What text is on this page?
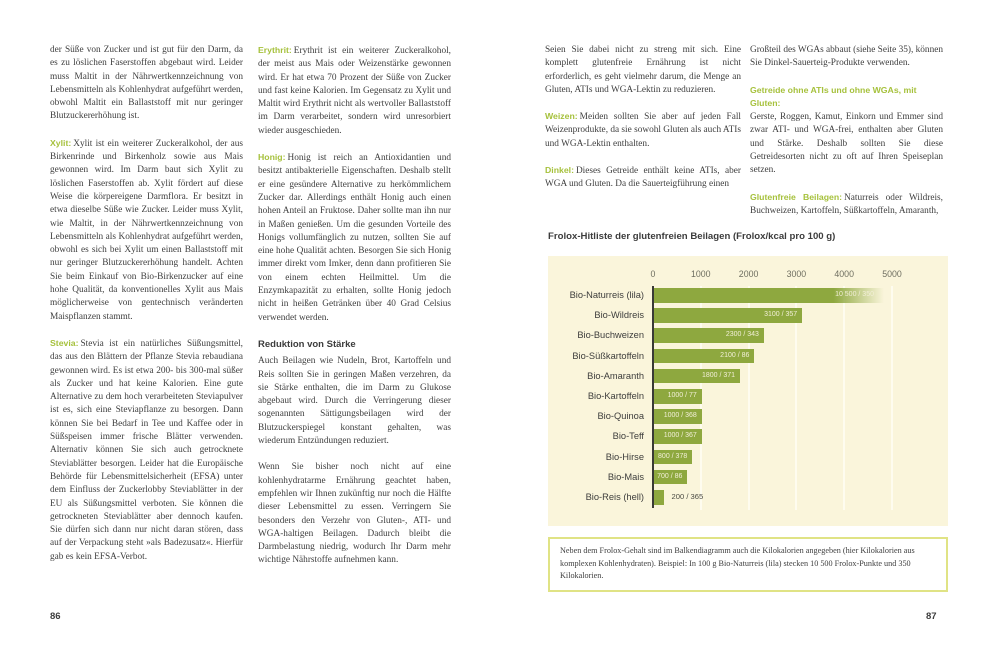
der Süße von Zucker und ist gut für den Darm, da es zu löslichen Faserstoffen abgebaut wird. Leider muss Maltit in der Nährwertkennzeichnung von Lebensmitteln als Kohlenhydrat aufgeführt werden, obwohl Maltit ein Ballaststoff mit nur geringer Blutzuckererhöhung ist.

Xylit: Xylit ist ein weiterer Zuckeralkohol, der aus Birkenrinde und Birkenholz sowie aus Mais gewonnen wird. Im Darm baut sich Xylit zu löslichen Faserstoffen ab. Xylit fördert auf diese Weise die körpereigene Darmflora. Er besitzt in etwa dieselbe Süße wie Zucker. Leider muss Xylit, wie Maltit, in der Nährwertkennzeichnung von Lebensmitteln als Kohlenhydrat aufgeführt werden, obwohl es sich bei Xylit um einen Ballaststoff mit nur geringer Blutzuckererhöhung handelt. Achten Sie beim Einkauf von Bio-Birkenzucker auf eine hohe Qualität, da konventionelles Xylit aus Mais möglicherweise von gentechnisch veränderten Maispflanzen stammt.

Stevia: Stevia ist ein natürliches Süßungsmittel, das aus den Blättern der Pflanze Stevia rebaudiana gewonnen wird. Es ist etwa 200- bis 300-mal süßer als Zucker und hat keine Kalorien. Eine gute Alternative zu dem hoch verarbeiteten Steviapulver ist es, sich eine Steviapflanze zu besorgen. Dann können Sie bei Bedarf in Tee und Kaffee oder in Süßspeisen immer frische Blätter verwenden. Alternativ können Sie sich auch getrocknete Steviablätter besorgen. Leider hat die Europäische Behörde für Lebensmittelsicherheit (EFSA) unter dem Einfluss der Zuckerlobby Steviablätter in der EU als Süßungsmittel verboten. Sie können die getrockneten Steviablätter aber dennoch kaufen. Sie dürfen sich dann nur nicht daran stören, dass auf der Verpackung steht »als Badezusatz«. Hierfür gab es kein EFSA-Verbot.

Erythrit: Erythrit ist ein weiterer Zuckeralkohol, der meist aus Mais oder Weizenstärke gewonnen wird. Er hat etwa 70 Prozent der Süße von Zucker und fast keine Kalorien. Im Gegensatz zu Xylit und Maltit wird Erythrit nicht als wertvoller Ballaststoff im Darm verarbeitet, sondern wird unresorbiert wieder ausgeschieden.

Honig: Honig ist reich an Antioxidantien und besitzt antibakterielle Eigenschaften. Deshalb stellt er eine gesündere Alternative zu herkömmlichem Zucker dar. Allerdings enthält Honig auch einen hohen Anteil an Fruktose. Daher sollte man ihn nur in Maßen genießen. Um die gesunden Vorteile des Honigs vollumfänglich zu nutzen, sollten Sie auf eine hohe Qualität achten. Besorgen Sie sich Honig immer direkt vom Imker, denn dann profitieren Sie von einem echten Heilmittel. Um die Enzymkapazität zu erhalten, sollte Honig jedoch nicht in heißen Getränken über 40 Grad Celsius verwendet werden.

Reduktion von Stärke

Auch Beilagen wie Nudeln, Brot, Kartoffeln und Reis sollten Sie in geringen Maßen verzehren, da sie Stärke enthalten, die im Darm zu Glukose abgebaut wird. Durch die Verringerung dieser sogenannten Sättigungsbeilagen wird der Blutzuckerspiegel konstant gehalten, was wiederum Entzündungen reduziert.

Wenn Sie bisher noch nicht auf eine kohlenhydratarme Ernährung geachtet haben, empfehlen wir Ihnen zukünftig nur noch die Hälfte dieser Lebensmittel zu essen. Verringern Sie besonders den Verzehr von Gluten-, ATI- und WGA-haltigen Beilagen. Dadurch bleibt die Darmbelastung niedrig, wodurch Ihr Darm mehr wichtige Nährstoffe aufnehmen kann.

86

Seien Sie dabei nicht zu streng mit sich. Eine komplett glutenfreie Ernährung ist nicht erforderlich, es geht vielmehr darum, die Menge an Gluten, ATIs und WGA-Lektin zu reduzieren.

Weizen: Meiden sollten Sie aber auf jeden Fall Weizenprodukte, da sie sowohl Gluten als auch ATIs und WGA-Lektin enthalten.

Dinkel: Dieses Getreide enthält keine ATIs, aber WGA und Gluten. Da die Sauerteigführung einen

Großteil des WGAs abbaut (siehe Seite 35), können Sie Dinkel-Sauerteig-Produkte verwenden.

Getreide ohne ATIs und ohne WGAs, mit Gluten:
Gerste, Roggen, Kamut, Einkorn und Emmer sind zwar ATI- und WGA-frei, enthalten aber Gluten und Stärke. Deshalb sollten Sie diese Getreidesorten nicht zu oft auf Ihren Speiseplan setzen.

Glutenfreie Beilagen: Naturreis oder Wildreis, Buchweizen, Kartoffeln, Süßkartoffeln, Amaranth,

Frolox-Hitliste der glutenfreien Beilagen (Frolox/kcal pro 100 g)
0	1000	2000	3000	4000	5000
Bio-Naturreis (lila)	10 500 / 350
Bio-Wildreis	3100 / 357
Bio-Buchweizen	2300 / 343
Bio-Süßkartoffeln	2100 / 86
Bio-Amaranth	1800 / 371
Bio-Kartoffeln	1000 / 77
Bio-Quinoa	1000 / 368
Bio-Teff	1000 / 367
Bio-Hirse 800 / 378
Bio-Mais 700 / 86
Bio-Reis (hell)	200 / 365
Neben dem Frolox-Gehalt sind im Balkendiagramm auch die Kilokalorien angegeben (hier Kilokalorien aus komplexen Kohlenhydraten). Beispiel: In 100 g Bio-Naturreis (lila) stecken 10 500 Frolox-Punkte und 350 Kilokalorien.
87
